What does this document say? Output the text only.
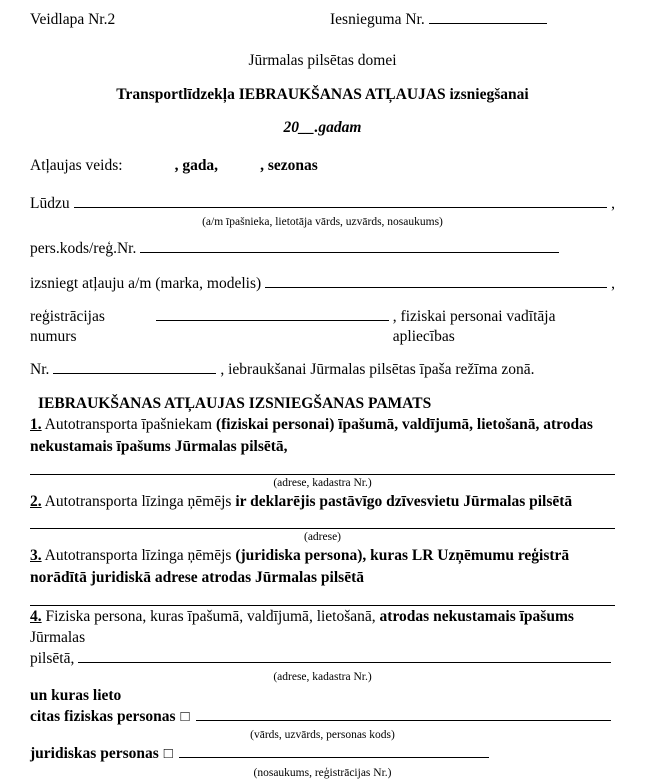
Veidlapa Nr.2	Iesnieguma Nr.
Jūrmalas pilsētas domei
Transportlīdzekļa IEBRAUKŠANAS ATĻAUJAS izsniegšanai
20__.gadam
Atļaujas veids:	, gada,	, sezonas
Lūdzu	,
(a/m īpašnieka, lietotāja vārds, uzvārds, nosaukums)
pers.kods/reģ.Nr.
izsniegt atļauju a/m (marka, modelis)	,
reģistrācijas numurs
, fiziskai personai vadītāja apliecības
Nr.	, iebraukšanai Jūrmalas pilsētas īpaša režīma zonā.
IEBRAUKŠANAS ATĻAUJAS IZSNIEGŠANAS PAMATS

1. Autotransporta īpašniekam (fiziskai personai) īpašumā, valdījumā, lietošanā, atrodas nekustamais īpašums Jūrmalas pilsētā,

(adrese, kadastra Nr.)

2. Autotransporta līzinga ņēmējs ir deklarējis pastāvīgo dzīvesvietu Jūrmalas pilsētā

(adrese)

3. Autotransporta līzinga ņēmējs (juridiska persona), kuras LR Uzņēmumu reģistrā norādītā juridiskā adrese atrodas Jūrmalas pilsētā

4. Fiziska persona, kuras īpašumā, valdījumā, lietošanā, atrodas nekustamais īpašums Jūrmalas

pilsētā,
(adrese, kadastra Nr.)
un kuras lieto
citas fiziskas personas □
(vārds, uzvārds, personas kods)
juridiskas personas □
(nosaukums, reģistrācijas Nr.)
